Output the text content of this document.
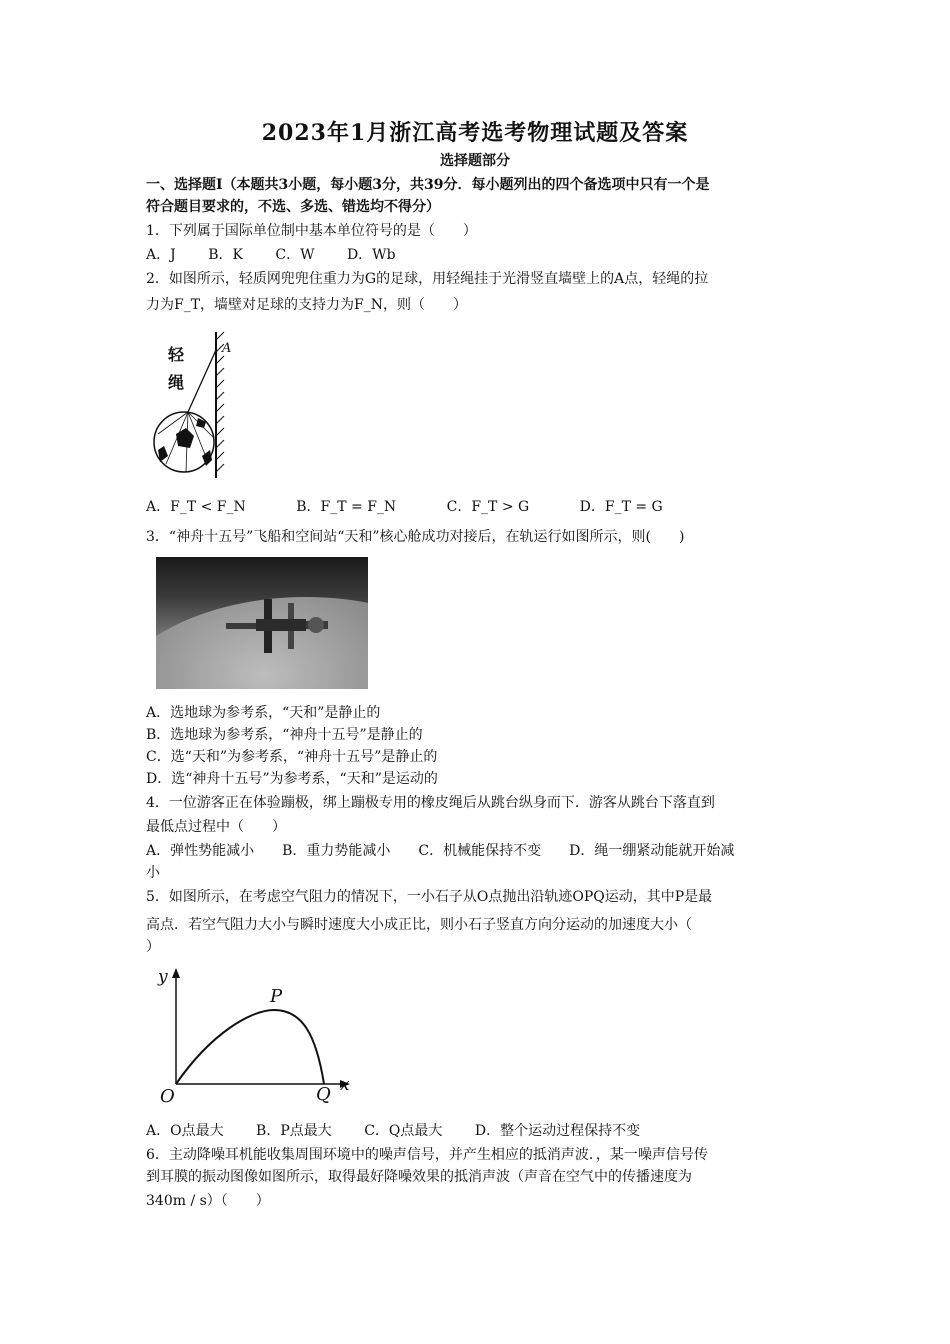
2023年1月浙江高考选考物理试题及答案
选择题部分
一、选择题Ⅰ（本题共3小题，每小题3分，共39分．每小题列出的四个备选项中只有一个是
符合题目要求的，不选、多选、错选均不得分）
1．下列属于国际单位制中基本单位符号的是（　　）
A．J B．K C．W D．Wb
2．如图所示，轻质网兜兜住重力为G的足球，用轻绳挂于光滑竖直墙壁上的A点，轻绳的拉
力为F_T，墙壁对足球的支持力为F_N，则（　　）
轻
绳
A
A．F_T < F_N	B．F_T = F_N	C．F_T > G	D．F_T = G
3．“神舟十五号”飞船和空间站“天和”核心舱成功对接后，在轨运行如图所示，则(　　)
A．选地球为参考系，“天和”是静止的
B．选地球为参考系，“神舟十五号”是静止的
C．选“天和”为参考系，“神舟十五号”是静止的
D．选“神舟十五号”为参考系，“天和”是运动的
4．一位游客正在体验蹦极，绑上蹦极专用的橡皮绳后从跳台纵身而下．游客从跳台下落直到
最低点过程中（　　）
A．弹性势能减小　　B．重力势能减小　　C．机械能保持不变　　D．绳一绷紧动能就开始减
小
5．如图所示，在考虑空气阻力的情况下，一小石子从O点抛出沿轨迹OPQ运动，其中P是最
高点．若空气阻力大小与瞬时速度大小成正比，则小石子竖直方向分运动的加速度大小（
）
y
x
O
P
Q
A．O点最大 B．P点最大 C．Q点最大 D．整个运动过程保持不变
6．主动降噪耳机能收集周围环境中的噪声信号，并产生相应的抵消声波．，某一噪声信号传
到耳膜的振动图像如图所示，取得最好降噪效果的抵消声波（声音在空气中的传播速度为
340m / s）（　　）
